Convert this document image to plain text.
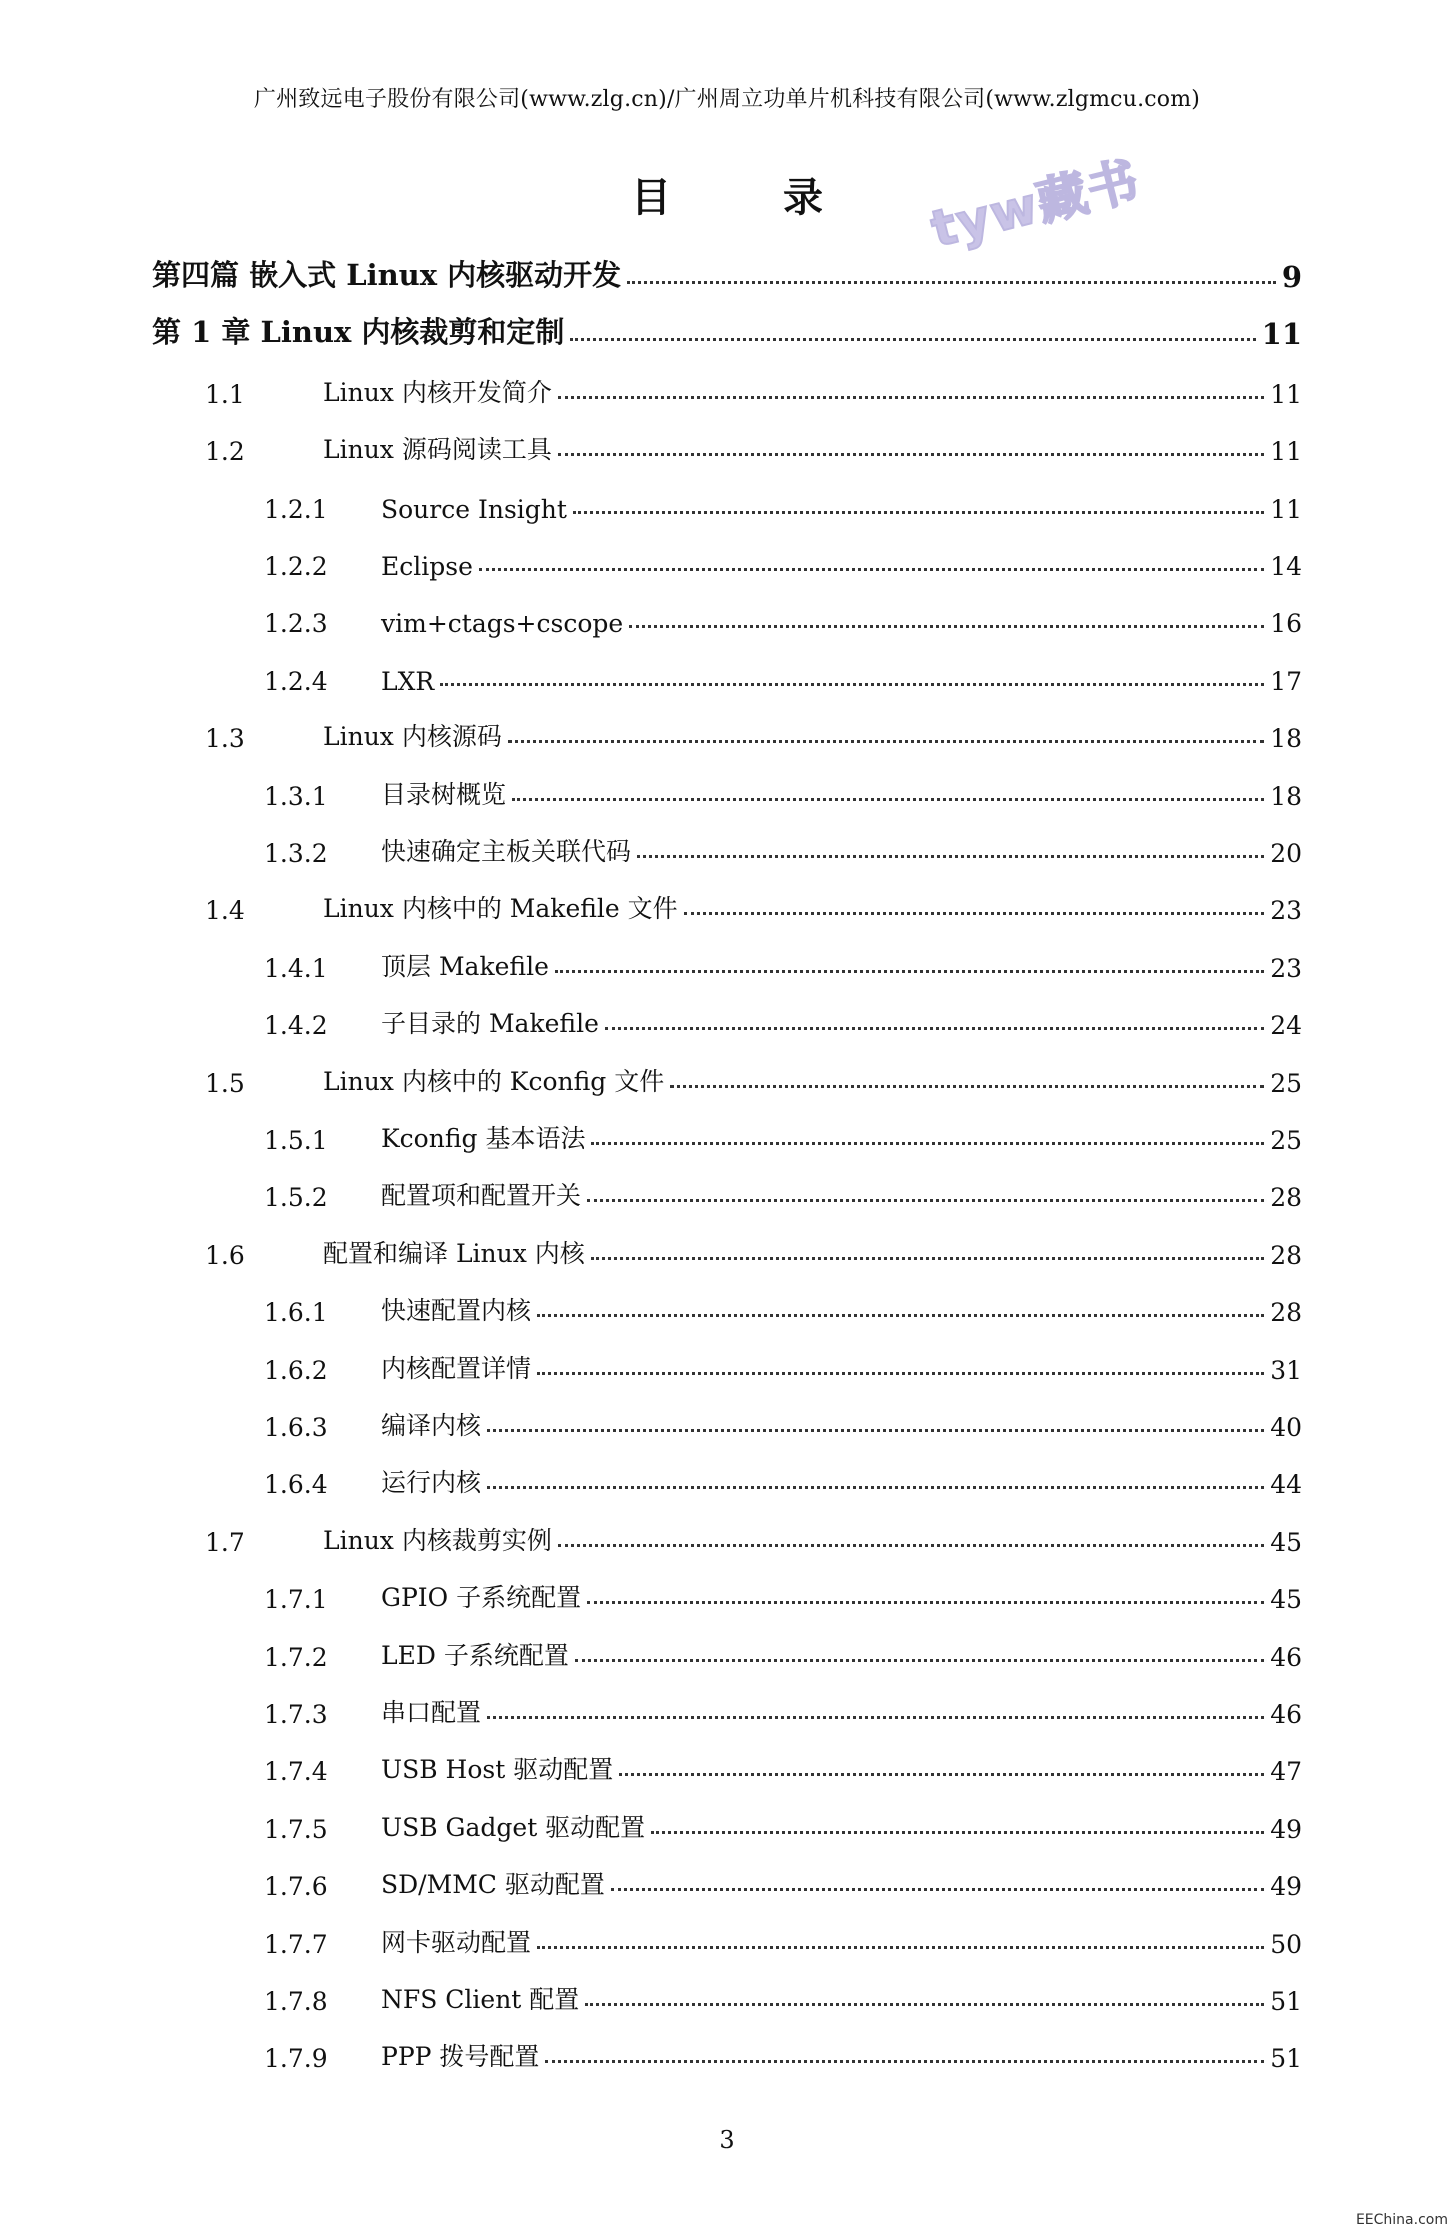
广州致远电子股份有限公司(www.zlg.cn)/广州周立功单片机科技有限公司(www.zlgmcu.com)
目	录	tyw藏书
第四篇 嵌入式 Linux 内核驱动开发	9
第 1 章 Linux 内核裁剪和定制	11
1.1	Linux 内核开发简介	11
1.2	Linux 源码阅读工具	11
1.2.1	Source Insight	11
1.2.2	Eclipse	14
1.2.3	vim+ctags+cscope	16
1.2.4	LXR	17
1.3	Linux 内核源码	18
1.3.1	目录树概览	18
1.3.2	快速确定主板关联代码	20
1.4	Linux 内核中的 Makefile 文件	23
1.4.1	顶层 Makefile	23
1.4.2	子目录的 Makefile	24
1.5	Linux 内核中的 Kconfig 文件	25
1.5.1	Kconfig 基本语法	25
1.5.2	配置项和配置开关	28
1.6	配置和编译 Linux 内核	28
1.6.1	快速配置内核	28
1.6.2	内核配置详情	31
1.6.3	编译内核	40
1.6.4	运行内核	44
1.7	Linux 内核裁剪实例	45
1.7.1	GPIO 子系统配置	45
1.7.2	LED 子系统配置	46
1.7.3	串口配置	46
1.7.4	USB Host 驱动配置	47
1.7.5	USB Gadget 驱动配置	49
1.7.6	SD/MMC 驱动配置	49
1.7.7	网卡驱动配置	50
1.7.8	NFS Client 配置	51
1.7.9	PPP 拨号配置	51
3
EEChina.com
